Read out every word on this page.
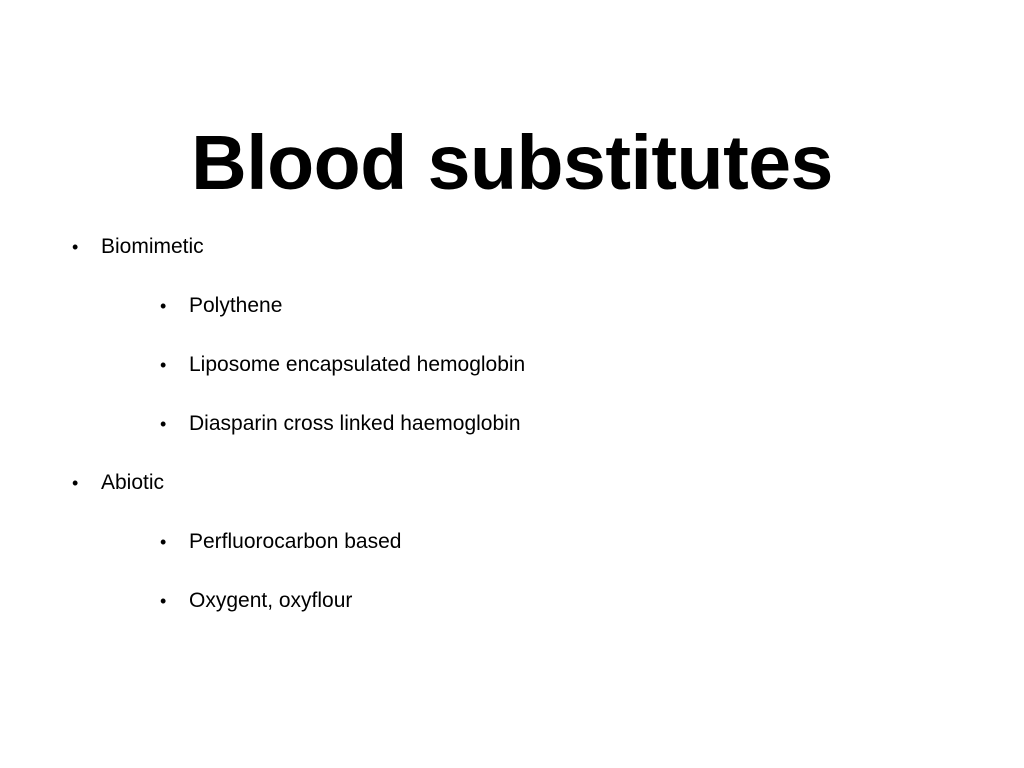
Blood substitutes
• Biomimetic
• Polythene
• Liposome encapsulated hemoglobin
• Diasparin cross linked haemoglobin
• Abiotic
• Perfluorocarbon based
• Oxygent, oxyflour
